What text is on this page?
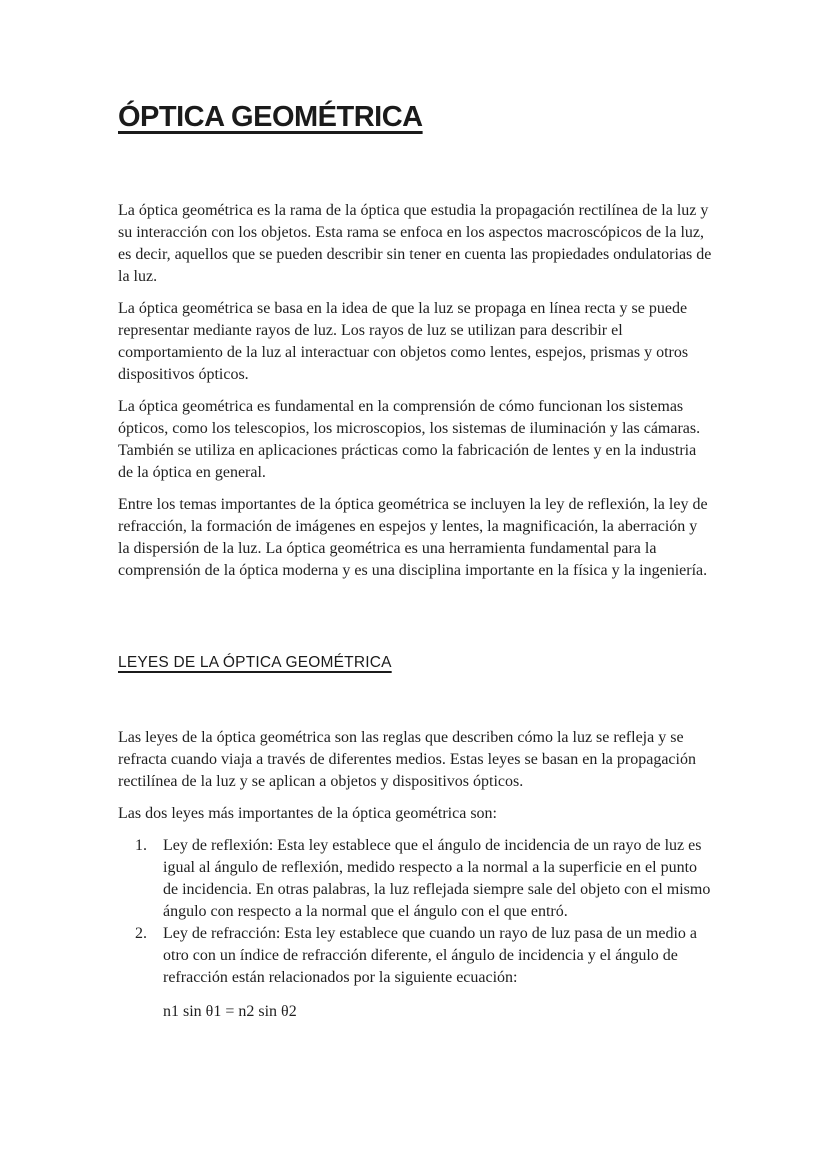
ÓPTICA GEOMÉTRICA

La óptica geométrica es la rama de la óptica que estudia la propagación rectilínea de la luz y su interacción con los objetos. Esta rama se enfoca en los aspectos macroscópicos de la luz, es decir, aquellos que se pueden describir sin tener en cuenta las propiedades ondulatorias de la luz.

La óptica geométrica se basa en la idea de que la luz se propaga en línea recta y se puede representar mediante rayos de luz. Los rayos de luz se utilizan para describir el comportamiento de la luz al interactuar con objetos como lentes, espejos, prismas y otros dispositivos ópticos.

La óptica geométrica es fundamental en la comprensión de cómo funcionan los sistemas ópticos, como los telescopios, los microscopios, los sistemas de iluminación y las cámaras. También se utiliza en aplicaciones prácticas como la fabricación de lentes y en la industria de la óptica en general.

Entre los temas importantes de la óptica geométrica se incluyen la ley de reflexión, la ley de refracción, la formación de imágenes en espejos y lentes, la magnificación, la aberración y la dispersión de la luz. La óptica geométrica es una herramienta fundamental para la comprensión de la óptica moderna y es una disciplina importante en la física y la ingeniería.

LEYES DE LA ÓPTICA GEOMÉTRICA

Las leyes de la óptica geométrica son las reglas que describen cómo la luz se refleja y se refracta cuando viaja a través de diferentes medios. Estas leyes se basan en la propagación rectilínea de la luz y se aplican a objetos y dispositivos ópticos.

Las dos leyes más importantes de la óptica geométrica son:

1. Ley de reflexión: Esta ley establece que el ángulo de incidencia de un rayo de luz es igual al ángulo de reflexión, medido respecto a la normal a la superficie en el punto de incidencia. En otras palabras, la luz reflejada siempre sale del objeto con el mismo ángulo con respecto a la normal que el ángulo con el que entró.
2. Ley de refracción: Esta ley establece que cuando un rayo de luz pasa de un medio a otro con un índice de refracción diferente, el ángulo de incidencia y el ángulo de refracción están relacionados por la siguiente ecuación:

n1 sin θ1 = n2 sin θ2
